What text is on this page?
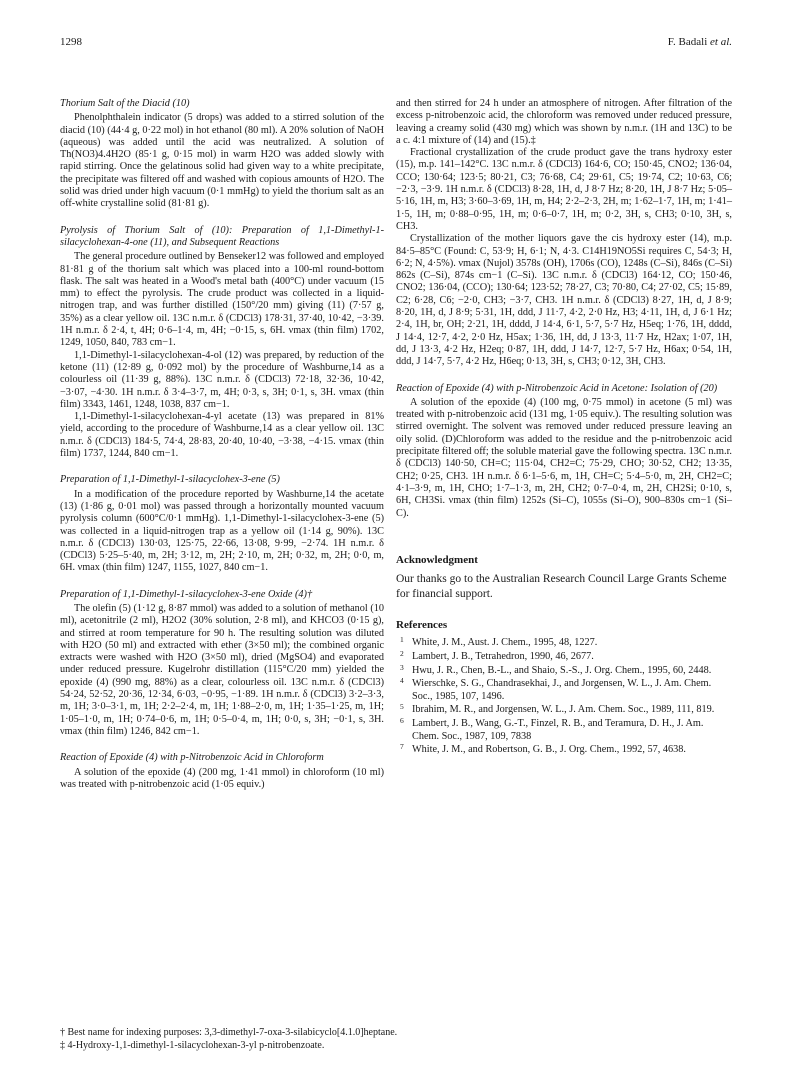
1298	F. Badali et al.
Thorium Salt of the Diacid (10)

Phenolphthalein indicator (5 drops) was added to a stirred solution of the diacid (10) (44·4 g, 0·22 mol) in hot ethanol (80 ml). A 20% solution of NaOH (aqueous) was added until the acid was neutralized. A solution of Th(NO3)4.4H2O (85·1 g, 0·15 mol) in warm H2O was added slowly with rapid stirring. Once the gelatinous solid had given way to a white precipitate, the precipitate was filtered off and washed with copious amounts of H2O. The solid was dried under high vacuum (0·1 mmHg) to yield the thorium salt as an off-white crystalline solid (81·81 g).

Pyrolysis of Thorium Salt of (10): Preparation of 1,1-Dimethyl-1-silacyclohexan-4-one (11), and Subsequent Reactions

The general procedure outlined by Benseker12 was followed and employed 81·81 g of the thorium salt which was placed into a 100-ml round-bottom flask. The salt was heated in a Wood's metal bath (400°C) under vacuum (15 mm) to effect the pyrolysis. The crude product was collected in a liquid-nitrogen trap, and was further distilled (150°/20 mm) giving (11) (7·57 g, 35%) as a clear yellow oil. 13C n.m.r. δ (CDCl3) 178·31, 37·40, 10·42, −3·39. 1H n.m.r. δ 2·4, t, 4H; 0·6–1·4, m, 4H; −0·15, s, 6H. νmax (thin film) 1702, 1249, 1050, 840, 783 cm−1.

1,1-Dimethyl-1-silacyclohexan-4-ol (12) was prepared, by reduction of the ketone (11) (12·89 g, 0·092 mol) by the procedure of Washburne,14 as a colourless oil (11·39 g, 88%). 13C n.m.r. δ (CDCl3) 72·18, 32·36, 10·42, −3·07, −4·30. 1H n.m.r. δ 3·4–3·7, m, 4H; 0·3, s, 3H; 0·1, s, 3H. νmax (thin film) 3343, 1461, 1248, 1038, 837 cm−1.

1,1-Dimethyl-1-silacyclohexan-4-yl acetate (13) was prepared in 81% yield, according to the procedure of Washburne,14 as a clear yellow oil. 13C n.m.r. δ (CDCl3) 184·5, 74·4, 28·83, 20·40, 10·40, −3·38, −4·15. νmax (thin film) 1737, 1244, 840 cm−1.

Preparation of 1,1-Dimethyl-1-silacyclohex-3-ene (5)

In a modification of the procedure reported by Washburne,14 the acetate (13) (1·86 g, 0·01 mol) was passed through a horizontally mounted vacuum pyrolysis column (600°C/0·1 mmHg). 1,1-Dimethyl-1-silacyclohex-3-ene (5) was collected in a liquid-nitrogen trap as a yellow oil (1·14 g, 90%). 13C n.m.r. δ (CDCl3) 130·03, 125·75, 22·66, 13·08, 9·99, −2·74. 1H n.m.r. δ (CDCl3) 5·25–5·40, m, 2H; 3·12, m, 2H; 2·10, m, 2H; 0·32, m, 2H; 0·0, m, 6H. νmax (thin film) 1247, 1155, 1027, 840 cm−1.

Preparation of 1,1-Dimethyl-1-silacyclohex-3-ene Oxide (4)†

The olefin (5) (1·12 g, 8·87 mmol) was added to a solution of methanol (10 ml), acetonitrile (2 ml), H2O2 (30% solution, 2·8 ml), and KHCO3 (0·15 g), and stirred at room temperature for 90 h. The resulting solution was diluted with H2O (50 ml) and extracted with ether (3×50 ml); the combined organic extracts were washed with H2O (3×50 ml), dried (MgSO4) and evaporated under reduced pressure. Kugelrohr distillation (115°C/20 mm) yielded the epoxide (4) (990 mg, 88%) as a clear, colourless oil. 13C n.m.r. δ (CDCl3) 54·24, 52·52, 20·36, 12·34, 6·03, −0·95, −1·89. 1H n.m.r. δ (CDCl3) 3·2–3·3, m, 1H; 3·0–3·1, m, 1H; 2·2–2·4, m, 1H; 1·88–2·0, m, 1H; 1·35–1·25, m, 1H; 1·05–1·0, m, 1H; 0·74–0·6, m, 1H; 0·5–0·4, m, 1H; 0·0, s, 3H; −0·1, s, 3H. νmax (thin film) 1246, 842 cm−1.

Reaction of Epoxide (4) with p-Nitrobenzoic Acid in Chloroform

A solution of the epoxide (4) (200 mg, 1·41 mmol) in chloroform (10 ml) was treated with p-nitrobenzoic acid (1·05 equiv.)

and then stirred for 24 h under an atmosphere of nitrogen. After filtration of the excess p-nitrobenzoic acid, the chloroform was removed under reduced pressure, leaving a creamy solid (430 mg) which was shown by n.m.r. (1H and 13C) to be a c. 4:1 mixture of (14) and (15).‡

Fractional crystallization of the crude product gave the trans hydroxy ester (15), m.p. 141–142°C. 13C n.m.r. δ (CDCl3) 164·6, CO; 150·45, CNO2; 136·04, CCO; 130·64; 123·5; 80·21, C3; 76·68, C4; 29·61, C5; 19·74, C2; 10·63, C6; −2·3, −3·9. 1H n.m.r. δ (CDCl3) 8·28, 1H, d, J 8·7 Hz; 8·20, 1H, J 8·7 Hz; 5·05–5·16, 1H, m, H3; 3·60–3·69, 1H, m, H4; 2·2–2·3, 2H, m; 1·62–1·7, 1H, m; 1·41–1·5, 1H, m; 0·88–0·95, 1H, m; 0·6–0·7, 1H, m; 0·2, 3H, s, CH3; 0·10, 3H, s, CH3.

Crystallization of the mother liquors gave the cis hydroxy ester (14), m.p. 84·5–85°C (Found: C, 53·9; H, 6·1; N, 4·3. C14H19NO5Si requires C, 54·3; H, 6·2; N, 4·5%). νmax (Nujol) 3578s (OH), 1706s (CO), 1248s (C–Si), 846s (C–Si) 862s (C–Si), 874s cm−1 (C–Si). 13C n.m.r. δ (CDCl3) 164·12, CO; 150·46, CNO2; 136·04, (CCO); 130·64; 123·52; 78·27, C3; 70·80, C4; 27·02, C5; 15·89, C2; 6·28, C6; −2·0, CH3; −3·7, CH3. 1H n.m.r. δ (CDCl3) 8·27, 1H, d, J 8·9; 8·20, 1H, d, J 8·9; 5·31, 1H, ddd, J 11·7, 4·2, 2·0 Hz, H3; 4·11, 1H, d, J 6·1 Hz; 2·4, 1H, br, OH; 2·21, 1H, dddd, J 14·4, 6·1, 5·7, 5·7 Hz, H5eq; 1·76, 1H, dddd, J 14·4, 12·7, 4·2, 2·0 Hz, H5ax; 1·36, 1H, dd, J 13·3, 11·7 Hz, H2ax; 1·07, 1H, dd, J 13·3, 4·2 Hz, H2eq; 0·87, 1H, ddd, J 14·7, 12·7, 5·7 Hz, H6ax; 0·54, 1H, ddd, J 14·7, 5·7, 4·2 Hz, H6eq; 0·13, 3H, s, CH3; 0·12, 3H, CH3.

Reaction of Epoxide (4) with p-Nitrobenzoic Acid in Acetone: Isolation of (20)

A solution of the epoxide (4) (100 mg, 0·75 mmol) in acetone (5 ml) was treated with p-nitrobenzoic acid (131 mg, 1·05 equiv.). The resulting solution was stirred overnight. The solvent was removed under reduced pressure leaving an oily solid. (D)Chloroform was added to the residue and the p-nitrobenzoic acid precipitate filtered off; the soluble material gave the following spectra. 13C n.m.r. δ (CDCl3) 140·50, CH=C; 115·04, CH2=C; 75·29, CHO; 30·52, CH2; 13·35, CH2; 0·25, CH3. 1H n.m.r. δ 6·1–5·6, m, 1H, CH=C; 5·4–5·0, m, 2H, CH2=C; 4·1–3·9, m, 1H, CHO; 1·7–1·3, m, 2H, CH2; 0·7–0·4, m, 2H, CH2Si; 0·10, s, 6H, CH3Si. νmax (thin film) 1252s (Si–C), 1055s (Si–O), 900–830s cm−1 (Si–C).

Acknowledgment

Our thanks go to the Australian Research Council Large Grants Scheme for financial support.

References
1 White, J. M., Aust. J. Chem., 1995, 48, 1227.
2 Lambert, J. B., Tetrahedron, 1990, 46, 2677.
3 Hwu, J. R., Chen, B.-L., and Shaio, S.-S., J. Org. Chem., 1995, 60, 2448.
4 Wierschke, S. G., Chandrasekhai, J., and Jorgensen, W. L., J. Am. Chem. Soc., 1985, 107, 1496.
5 Ibrahim, M. R., and Jorgensen, W. L., J. Am. Chem. Soc., 1989, 111, 819.
6 Lambert, J. B., Wang, G.-T., Finzel, R. B., and Teramura, D. H., J. Am. Chem. Soc., 1987, 109, 7838
7 White, J. M., and Robertson, G. B., J. Org. Chem., 1992, 57, 4638.
† Best name for indexing purposes: 3,3-dimethyl-7-oxa-3-silabicyclo[4.1.0]heptane.
‡ 4-Hydroxy-1,1-dimethyl-1-silacyclohexan-3-yl p-nitrobenzoate.
